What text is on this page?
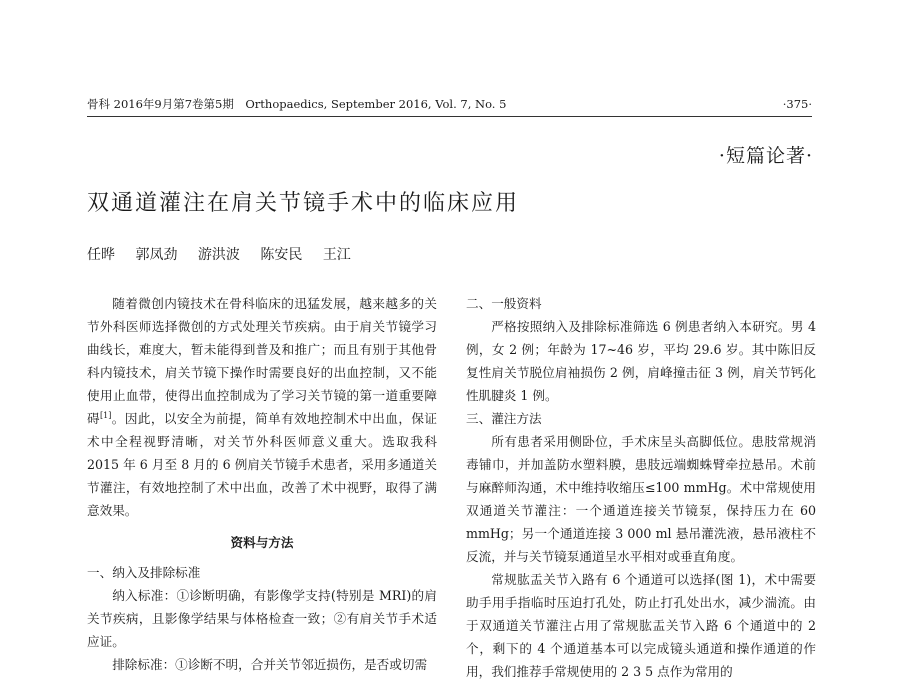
骨科 2016年9月第7卷第5期　Orthopaedics, September 2016, Vol. 7, No. 5	·375·
·短篇论著·
双通道灌注在肩关节镜手术中的临床应用
任晔 郭凤劲 游洪波 陈安民 王江

随着微创内镜技术在骨科临床的迅猛发展，越来越多的关节外科医师选择微创的方式处理关节疾病。由于肩关节镜学习曲线长，难度大，暂未能得到普及和推广；而且有别于其他骨科内镜技术，肩关节镜下操作时需要良好的出血控制，又不能使用止血带，使得出血控制成为了学习关节镜的第一道重要障碍[1]。因此，以安全为前提，简单有效地控制术中出血，保证术中全程视野清晰，对关节外科医师意义重大。选取我科 2015 年 6 月至 8 月的 6 例肩关节镜手术患者，采用多通道关节灌注，有效地控制了术中出血，改善了术中视野，取得了满意效果。

资料与方法

一、纳入及排除标准

纳入标准：①诊断明确，有影像学支持(特别是 MRI)的肩关节疾病，且影像学结果与体格检查一致；②有肩关节手术适应证。

排除标准：①诊断不明，合并关节邻近损伤，是否或切需

二、一般资料

严格按照纳入及排除标准筛选 6 例患者纳入本研究。男 4 例，女 2 例；年龄为 17~46 岁，平均 29.6 岁。其中陈旧反复性肩关节脱位肩袖损伤 2 例，肩峰撞击征 3 例，肩关节钙化性肌腱炎 1 例。

三、灌注方法

所有患者采用侧卧位，手术床呈头高脚低位。患肢常规消毒铺巾，并加盖防水塑料膜，患肢远端蜘蛛臂牵拉悬吊。术前与麻醉师沟通，术中维持收缩压≤100 mmHg。术中常规使用双通道关节灌注：一个通道连接关节镜泵，保持压力在 60 mmHg；另一个通道连接 3 000 ml 悬吊灌洗液，悬吊液柱不反流，并与关节镜泵通道呈水平相对或垂直角度。

常规肱盂关节入路有 6 个通道可以选择(图 1)，术中需要助手用手指临时压迫打孔处，防止打孔处出水，减少湍流。由于双通道关节灌注占用了常规肱盂关节入路 6 个通道中的 2 个，剩下的 4 个通道基本可以完成镜头通道和操作通道的作用，我们推荐手常规使用的 2 3 5 点作为常用的
